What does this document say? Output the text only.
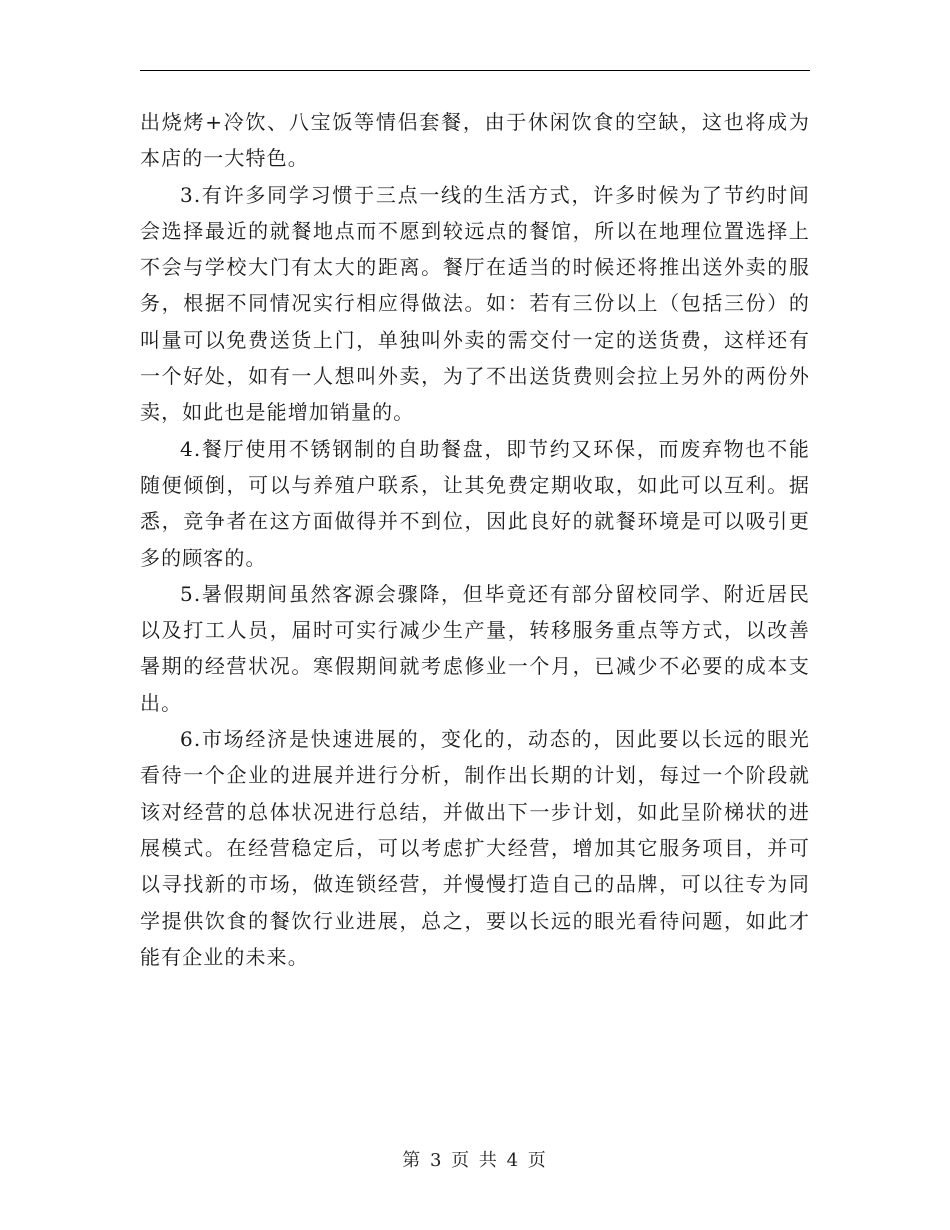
出烧烤+冷饮、八宝饭等情侣套餐，由于休闲饮食的空缺，这也将成为本店的一大特色。

3.有许多同学习惯于三点一线的生活方式，许多时候为了节约时间会选择最近的就餐地点而不愿到较远点的餐馆，所以在地理位置选择上不会与学校大门有太大的距离。餐厅在适当的时候还将推出送外卖的服务，根据不同情况实行相应得做法。如：若有三份以上（包括三份）的叫量可以免费送货上门，单独叫外卖的需交付一定的送货费，这样还有一个好处，如有一人想叫外卖，为了不出送货费则会拉上另外的两份外卖，如此也是能增加销量的。

4.餐厅使用不锈钢制的自助餐盘，即节约又环保，而废弃物也不能随便倾倒，可以与养殖户联系，让其免费定期收取，如此可以互利。据悉，竞争者在这方面做得并不到位，因此良好的就餐环境是可以吸引更多的顾客的。

5.暑假期间虽然客源会骤降，但毕竟还有部分留校同学、附近居民以及打工人员，届时可实行减少生产量，转移服务重点等方式，以改善暑期的经营状况。寒假期间就考虑修业一个月，已减少不必要的成本支出。

6.市场经济是快速进展的，变化的，动态的，因此要以长远的眼光看待一个企业的进展并进行分析，制作出长期的计划，每过一个阶段就该对经营的总体状况进行总结，并做出下一步计划，如此呈阶梯状的进展模式。在经营稳定后，可以考虑扩大经营，增加其它服务项目，并可以寻找新的市场，做连锁经营，并慢慢打造自己的品牌，可以往专为同学提供饮食的餐饮行业进展，总之，要以长远的眼光看待问题，如此才能有企业的未来。

第 3 页 共 4 页
